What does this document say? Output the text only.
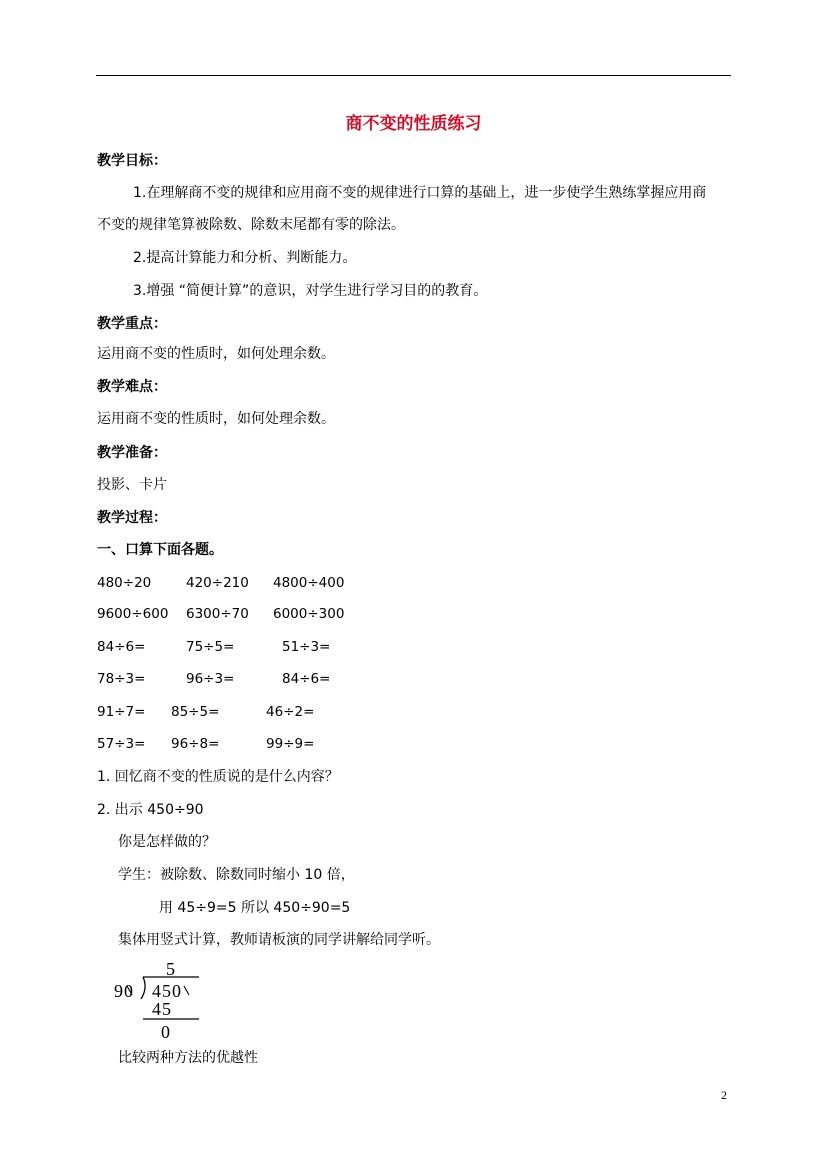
商不变的性质练习
教学目标：
1.在理解商不变的规律和应用商不变的规律进行口算的基础上，进一步使学生熟练掌握应用商
不变的规律笔算被除数、除数末尾都有零的除法。
2.提高计算能力和分析、判断能力。
3.增强 “简便计算”的意识，对学生进行学习目的的教育。
教学重点：
运用商不变的性质时，如何处理余数。
教学难点：
运用商不变的性质时，如何处理余数。
教学准备：
投影、卡片
教学过程：
一、口算下面各题。
480÷20	420÷210 4800÷400
9600÷600 6300÷70 6000÷300
84÷6=	75÷5=	51÷3=
78÷3=	96÷3=	84÷6=
91÷7= 85÷5=	46÷2=
57÷3= 96÷8=	99÷9=
1. 回忆商不变的性质说的是什么内容？
2. 出示 450÷90
你是怎样做的？
学生：被除数、除数同时缩小 10 倍，
用 45÷9=5 所以 450÷90=5
集体用竖式计算，教师请板演的同学讲解给同学听。
5
90 450
45
0
比较两种方法的优越性
2
